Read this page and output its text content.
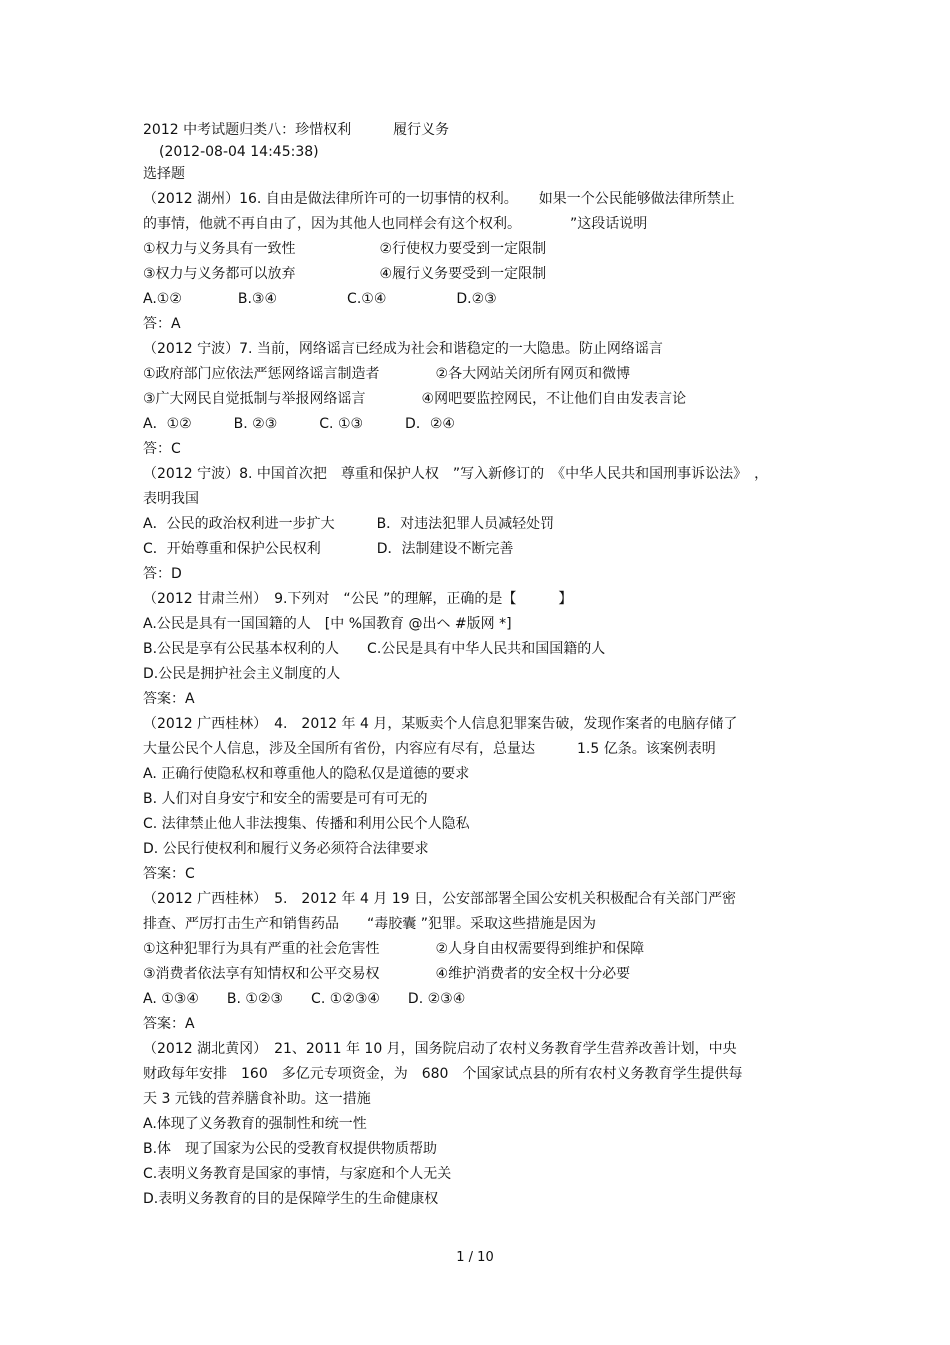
2012 中考试题归类八：珍惜权利　　　履行义务
(2012-08-04 14:45:38)
选择题
（2012 湖州）16. 自由是做法律所许可的一切事情的权利。　　如果一个公民能够做法律所禁止
的事情，他就不再自由了，因为其他人也同样会有这个权利。　　　　”这段话说明
①权力与义务具有一致性　　　　　　②行使权力要受到一定限制
③权力与义务都可以放弃　　　　　　④履行义务要受到一定限制
A.①②　　　　B.③④　　　　　C.①④　　　　　D.②③
答：A
（2012 宁波）7. 当前，网络谣言已经成为社会和谐稳定的一大隐患。防止网络谣言
①政府部门应依法严惩网络谣言制造者　　　　②各大网站关闭所有网页和微博
③广大网民自觉抵制与举报网络谣言　　　　④网吧要监控网民，不让他们自由发表言论
A．①②　　　B. ②③　　　C. ①③　　　D．②④
答：C
（2012 宁波）8. 中国首次把　尊重和保护人权　”写入新修订的　《中华人民共和国刑事诉讼法》　，
表明我国
A．公民的政治权利进一步扩大　　　B．对违法犯罪人员减轻处罚
C．开始尊重和保护公民权利　　　　D．法制建设不断完善
答：D
（2012 甘肃兰州）　9.下列对　“公民 ”的理解，正确的是【　　　】
A.公民是具有一国国籍的人　[中 %国教育 @出ヘ #版网 *]
B.公民是享有公民基本权利的人　　C.公民是具有中华人民共和国国籍的人
D.公民是拥护社会主义制度的人
答案：A
（2012 广西桂林）　4.　2012 年 4 月，某贩卖个人信息犯罪案告破，发现作案者的电脑存储了
大量公民个人信息，涉及全国所有省份，内容应有尽有，总量达　　　1.5 亿条。该案例表明
A. 正确行使隐私权和尊重他人的隐私仅是道德的要求
B. 人们对自身安宁和安全的需要是可有可无的
C. 法律禁止他人非法搜集、传播和利用公民个人隐私
D. 公民行使权利和履行义务必须符合法律要求
答案：C
（2012 广西桂林）　5.　2012 年 4 月 19 日，公安部部署全国公安机关积极配合有关部门严密
排查、严厉打击生产和销售药品　　“毒胶囊 ”犯罪。采取这些措施是因为
①这种犯罪行为具有严重的社会危害性　　　　②人身自由权需要得到维护和保障
③消费者依法享有知情权和公平交易权　　　　④维护消费者的安全权十分必要
A. ①③④　　B. ①②③　　C. ①②③④　　D. ②③④
答案：A
（2012 湖北黄冈）　21、2011 年 10 月，国务院启动了农村义务教育学生营养改善计划，中央
财政每年安排　160　多亿元专项资金，为　680　个国家试点县的所有农村义务教育学生提供每
天 3 元钱的营养膳食补助。这一措施
A.体现了义务教育的强制性和统一性
B.体　现了国家为公民的受教育权提供物质帮助
C.表明义务教育是国家的事情，与家庭和个人无关
D.表明义务教育的目的是保障学生的生命健康权
1 / 10
